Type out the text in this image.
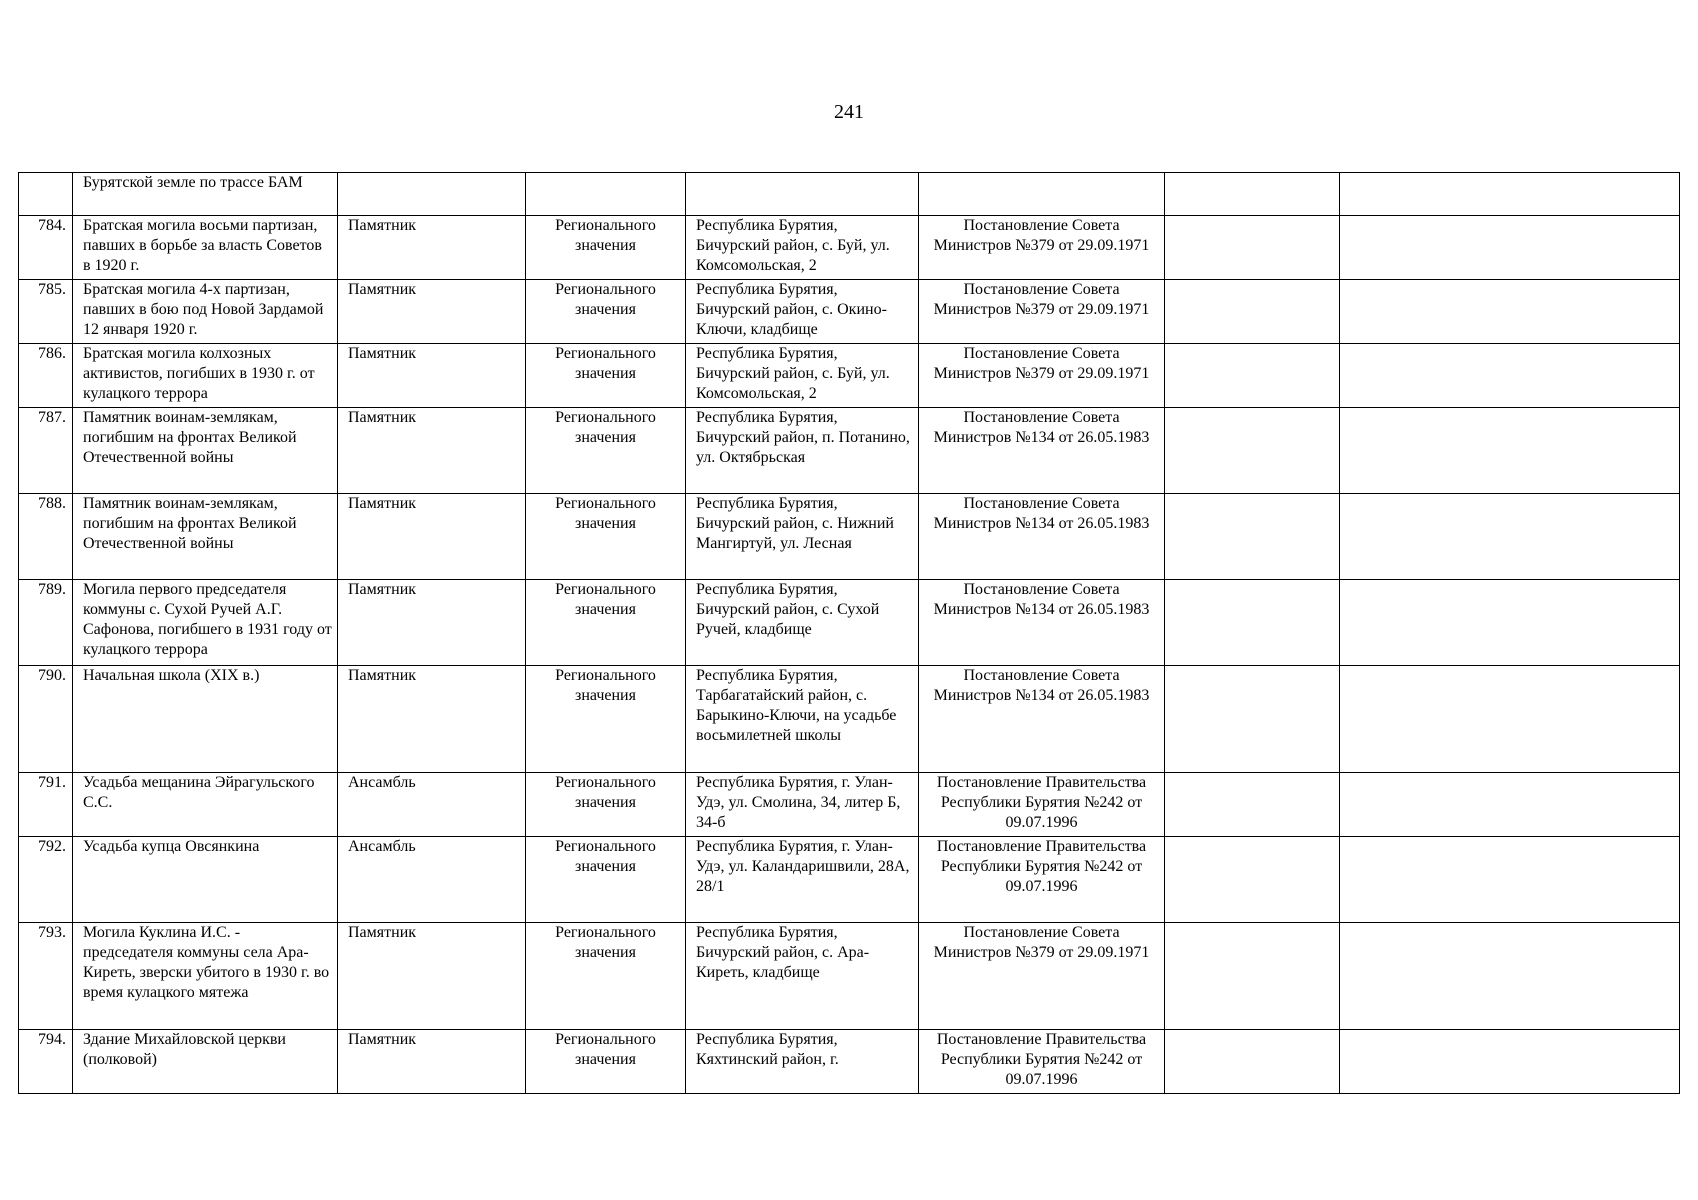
241
	Бурятской земле по трассе БАМ						
784.	Братская могила восьми партизан, павших в борьбе за власть Советов в 1920 г.	Памятник	Регионального значения	Республика Бурятия, Бичурский район, с. Буй, ул. Комсомольская, 2	Постановление Совета Министров №379 от 29.09.1971		
785.	Братская могила 4-х партизан, павших в бою под Новой Зардамой 12 января 1920 г.	Памятник	Регионального значения	Республика Бурятия, Бичурский район, с. Окино-Ключи, кладбище	Постановление Совета Министров №379 от 29.09.1971		
786.	Братская могила колхозных активистов, погибших в 1930 г. от кулацкого террора	Памятник	Регионального значения	Республика Бурятия, Бичурский район, с. Буй, ул. Комсомольская, 2	Постановление Совета Министров №379 от 29.09.1971		
787.	Памятник воинам-землякам, погибшим на фронтах Великой Отечественной войны	Памятник	Регионального значения	Республика Бурятия, Бичурский район, п. Потанино, ул. Октябрьская	Постановление Совета Министров №134 от 26.05.1983		
788.	Памятник воинам-землякам, погибшим на фронтах Великой Отечественной войны	Памятник	Регионального значения	Республика Бурятия, Бичурский район, с. Нижний Мангиртуй, ул. Лесная	Постановление Совета Министров №134 от 26.05.1983		
789.	Могила первого председателя коммуны с. Сухой Ручей А.Г. Сафонова, погибшего в 1931 году от кулацкого террора	Памятник	Регионального значения	Республика Бурятия, Бичурский район, с. Сухой Ручей, кладбище	Постановление Совета Министров №134 от 26.05.1983		
790.	Начальная школа (XIX в.)	Памятник	Регионального значения	Республика Бурятия, Тарбагатайский район, с. Барыкино-Ключи, на усадьбе восьмилетней школы	Постановление Совета Министров №134 от 26.05.1983		
791.	Усадьба мещанина Эйрагульского С.С.	Ансамбль	Регионального значения	Республика Бурятия, г. Улан-Удэ, ул. Смолина, 34, литер Б, 34-б	Постановление Правительства Республики Бурятия №242 от 09.07.1996		
792.	Усадьба купца Овсянкина	Ансамбль	Регионального значения	Республика Бурятия, г. Улан-Удэ, ул. Каландаришвили, 28А, 28/1	Постановление Правительства Республики Бурятия №242 от 09.07.1996		
793.	Могила Куклина И.С. - председателя коммуны села Ара-Киреть, зверски убитого в 1930 г. во время кулацкого мятежа	Памятник	Регионального значения	Республика Бурятия, Бичурский район, с. Ара-Киреть, кладбище	Постановление Совета Министров №379 от 29.09.1971		
794.	Здание Михайловской церкви (полковой)	Памятник	Регионального значения	Республика Бурятия, Кяхтинский район, г.	Постановление Правительства Республики Бурятия №242 от 09.07.1996		
